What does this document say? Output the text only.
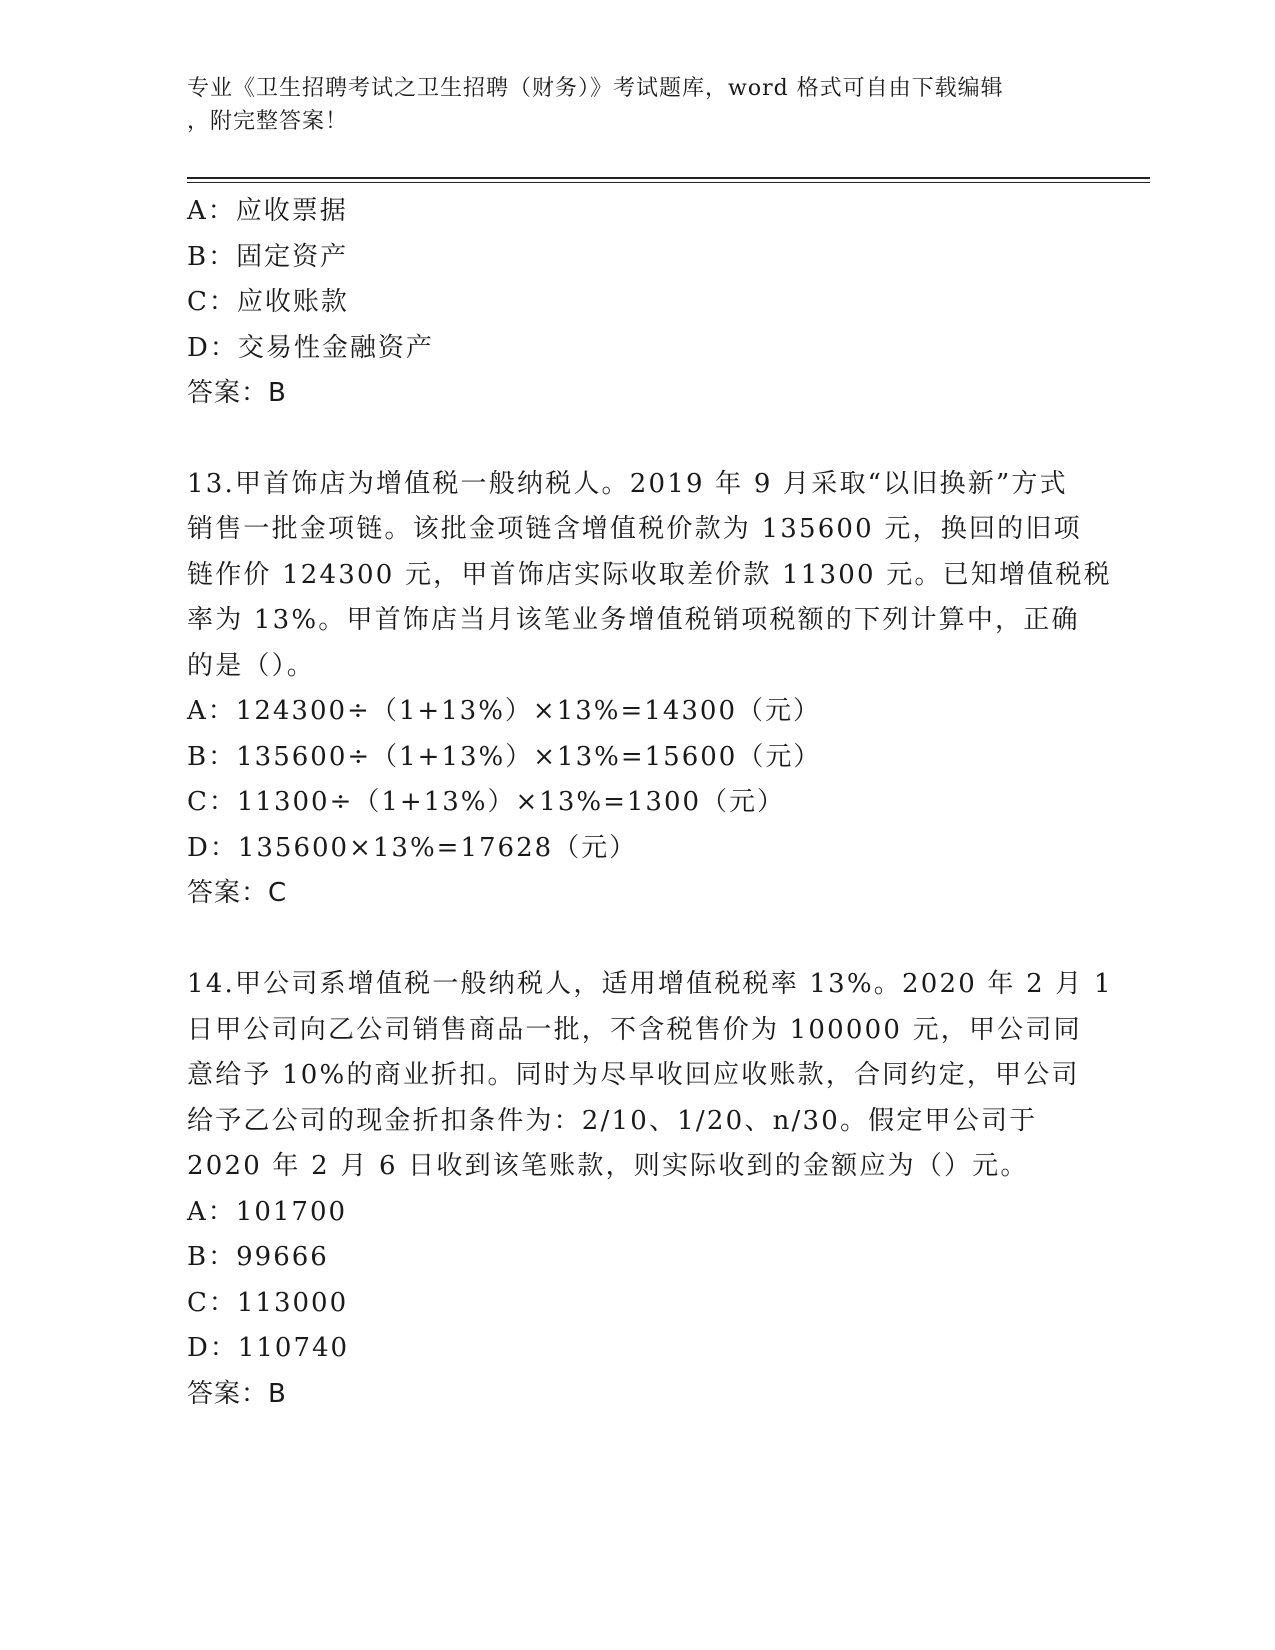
专业《卫生招聘考试之卫生招聘（财务）》考试题库，word 格式可自由下载编辑
，附完整答案！
A：应收票据
B：固定资产
C：应收账款
D：交易性金融资产
答案：B
13.甲首饰店为增值税一般纳税人。2019 年 9 月采取“以旧换新”方式
销售一批金项链。该批金项链含增值税价款为 135600 元，换回的旧项
链作价 124300 元，甲首饰店实际收取差价款 11300 元。已知增值税税
率为 13%。甲首饰店当月该笔业务增值税销项税额的下列计算中，正确
的是（）。
A：124300÷（1+13%）×13%=14300（元）
B：135600÷（1+13%）×13%=15600（元）
C：11300÷（1+13%）×13%=1300（元）
D：135600×13%=17628（元）
答案：C
14.甲公司系增值税一般纳税人，适用增值税税率 13%。2020 年 2 月 1
日甲公司向乙公司销售商品一批，不含税售价为 100000 元，甲公司同
意给予 10%的商业折扣。同时为尽早收回应收账款，合同约定，甲公司
给予乙公司的现金折扣条件为：2/10、1/20、n/30。假定甲公司于
2020 年 2 月 6 日收到该笔账款，则实际收到的金额应为（）元。
A：101700
B：99666
C：113000
D：110740
答案：B
